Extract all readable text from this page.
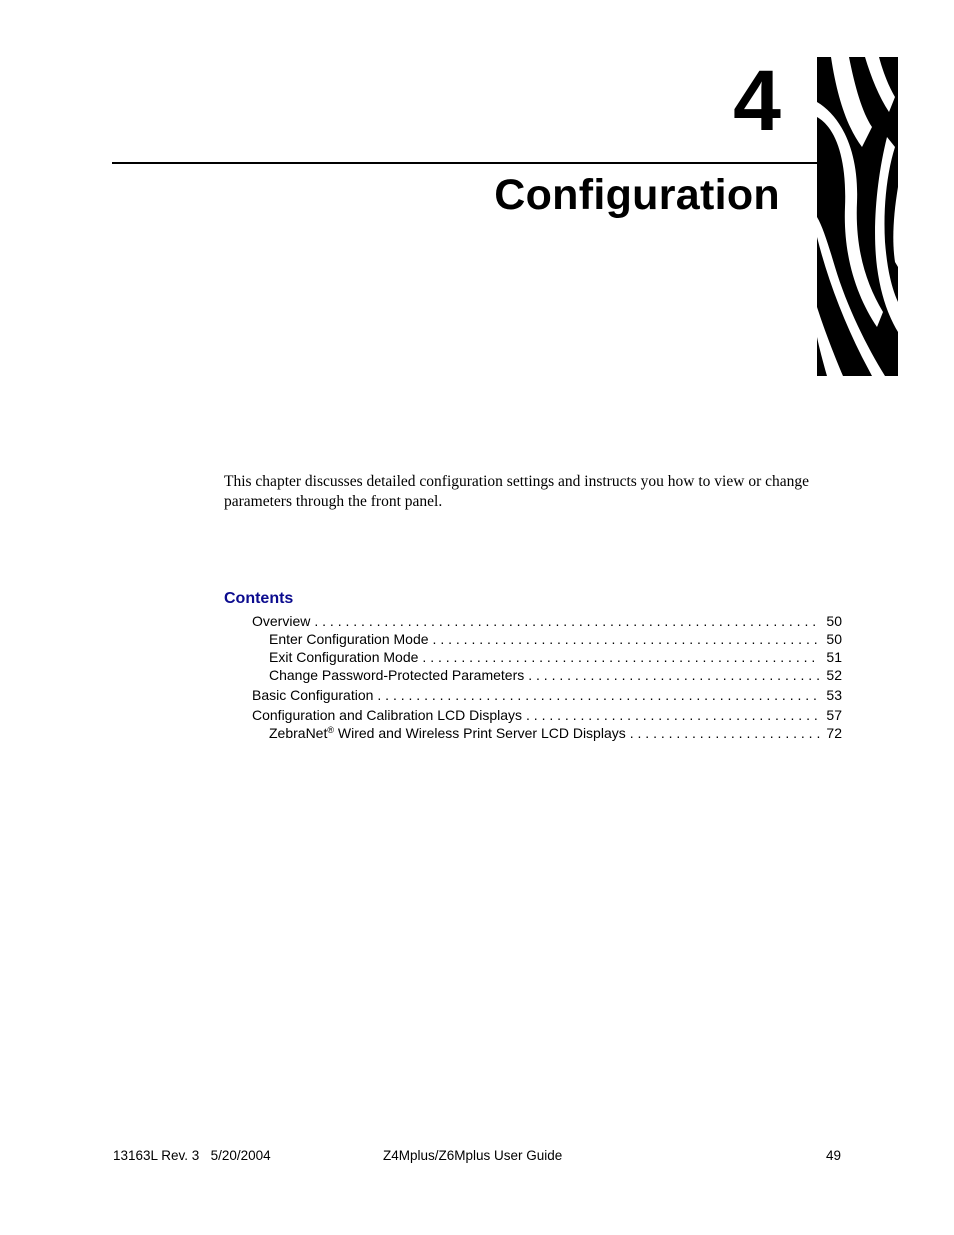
4
Configuration

This chapter discusses detailed configuration settings and instructs you how to view or change parameters through the front panel.

Contents
Overview . . .	50
Enter Configuration Mode . . .	50
Exit Configuration Mode . . .	51
Change Password-Protected Parameters . . .	52
Basic Configuration . . .	53
Configuration and Calibration LCD Displays . . .	57
ZebraNet® Wired and Wireless Print Server LCD Displays . . .	72
13163L Rev. 3   5/20/2004	Z4Mplus/Z6Mplus User Guide	49
